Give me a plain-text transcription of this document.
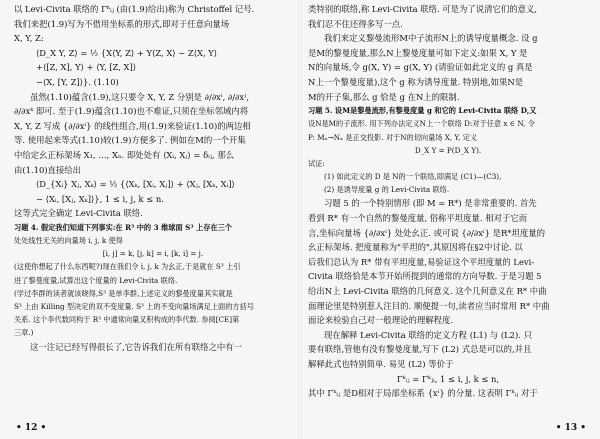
以 Levi-Civita 联络的 Γᵏᵢⱼ (由(1.9)给出)称为 Christoffel 记号.
我们来把(1.9)写为不借用坐标系的形式,即对于任意向量场
X, Y, Z:
⟨D_X Y, Z⟩ = ½ {X⟨Y, Z⟩ + Y⟨Z, X⟩ − Z⟨X, Y⟩
+⟨[Z, X], Y⟩ + ⟨Y, [Z, X]⟩
−⟨X, [Y, Z]⟩}. (1.10)
虽然(1.10)蕴含(1.9),这只要令 X, Y, Z 分别是 ∂/∂xⁱ, ∂/∂xʲ,
∂/∂xᵏ 即可. 至于(1.9)蕴含(1.10)也不难证,只须在坐标邻域内将
X, Y, Z 写成 {∂/∂xⁱ} 的线性组合,用(1.9)来验证(1.10)的两边相
等. 使用起来等式(1.10)较(1.9)方便多了. 例如在M的一个开集
中给定幺正标架场 X₁, …, Xₙ. 即处处有 ⟨Xᵢ, Xⱼ⟩ = δᵢⱼ, 那么
由(1.10)直接给出
⟨D_{Xᵢ} Xⱼ, Xₖ⟩ = ½ {⟨Xₖ, [Xᵢ, Xⱼ]⟩ + ⟨Xⱼ, [Xₖ, Xᵢ]⟩
− ⟨Xᵢ, [Xⱼ, Xₖ]⟩}, 1 ≤ i, j, k ≤ n.
这等式完全确定 Levi-Civita 联络.
习题 4. 假定我们知道下列事实:在 R³ 中的 3 维球面 S³ 上存在三个
处处线性无关的向量场 i, j, k 使得
[i, j] = k, [j, k] = i, [k, i] = j.
(这使你想起了什么东西呢?)现在我们令 i, j, k 为幺正,于是就在 S³ 上引
进了黎曼度量,试算出这个度量的 Levi-Civita 联络.
(学过李群的读者就该晓得,S³ 是单李群,上述定义的黎曼度量其实就是
S³ 上由 Killing 型决定的双不变度量. S³ 上的不变向量场满足上面的方括号
关系. 这个李代数同构于 R³ 中通常向量叉积构成的李代数. 参阅[CE]第
三章.)
这一注记已经写得很长了,它告诉我们在所有联络之中有一
• 12 •
类特别的联络,称 Levi-Civita 联络. 可是为了说清它们的意义,
我们忍不住还得多写一点.
我们来定义黎曼流形M中子流形N上的诱导度量概念. 设 g
是M的黎曼度量,那么N上黎曼度量可如下定义:如果 X, Y 是
N的向量场,令 g(X, Y) = g(X, Y) (请验证如此定义的 g 真是
N上一个黎曼度量),这个 g 称为诱导度量. 特别地,如果N是
M的开子集,那么 g 恰是 g 在N上的限制.
习题 5. 设M是黎曼流形,有黎曼度量 g 和它的 Levi-Civita 联络 D,又
设N是M的子流形. 用下列办法定义N上一个联络 D:对于任意 x ∈ N, 令
P: Mₓ→Nₓ 是正交投影. 对于N的切向量场 X, Y, 定义
D_X Y = P(D_X Y).
试证:
(1) 如此定义的 D 是 N的一个联络,即满足 (C1)—(C3),
(2) 是诱导度量 g 的 Levi-Civita 联络.
习题 5 的一个特别情形 (即 M = R*) 是非常重要的. 首先
看到 R* 有一个自然的黎曼度量, 俗称平坦度量. 相对于它而
言,坐标向量场 {∂/∂xⁱ} 处处幺正. 或可说 {∂/∂xⁱ} 是R*坦度量的
幺正标架场. 把度量称为"平坦的",其原因将在§2中讨论. 以
后我们总认为 R* 带有平坦度量,易验证这个平坦度量的 Levi-
Civita 联络恰是本节开始所提到的通常的方向导数. 于是习题 5
给出N上 Levi-Civita 联络的几何意义. 这个几何意义在 R* 中曲
面理论里是特别惹人注目的. 顺便提一句,读者应当时常用 R* 中曲
面论来检验自己对一般理论的理解程度.
现在解释 Levi-Civita 联络的定义方程 (L1) 与 (L2). 只
要有联络,管他有没有黎曼度量,写下 (L2) 式总是可以的,并且
解释此式也特别简单. 易见 (L2) 等价于
Γᵏᵢⱼ = Γᵏⱼᵢ, 1 ≤ i, j, k ≤ n,
其中 Γᵏᵢⱼ 是D相对于局部坐标系 {xⁱ} 的分量. 这表明 Γᵏᵢⱼ 对于
• 13 •
